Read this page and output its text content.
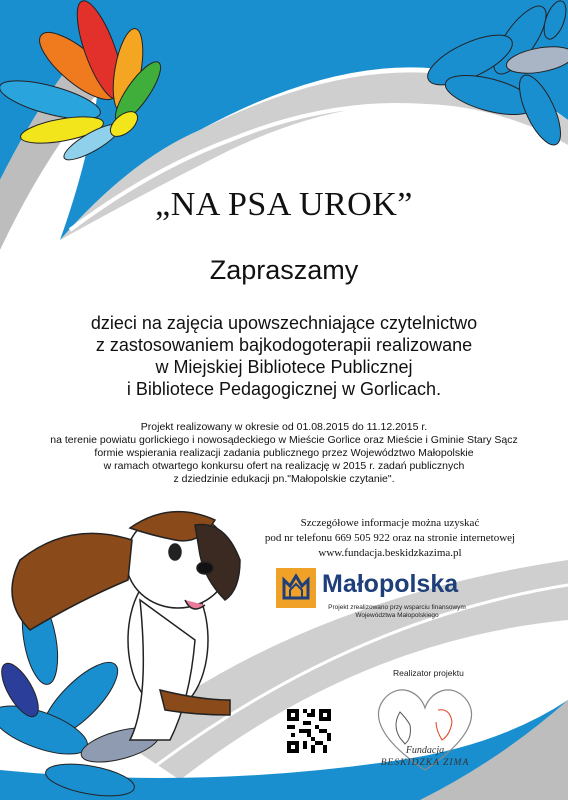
„NA PSA UROK”
Zapraszamy
dzieci na zajęcia upowszechniające czytelnictwo
z zastosowaniem bajkodogoterapii realizowane
w Miejskiej Bibliotece Publicznej
i Bibliotece Pedagogicznej w Gorlicach.
Projekt realizowany w okresie od 01.08.2015 do 11.12.2015 r.
na terenie powiatu gorlickiego i nowosądeckiego w Mieście Gorlice oraz Mieście i Gminie Stary Sącz
formie wspierania realizacji zadania publicznego przez Województwo Małopolskie
w ramach otwartego konkursu ofert na realizację w 2015 r. zadań publicznych
z dziedzinie edukacji pn."Małopolskie czytanie".
Szczegółowe informacje można uzyskać
pod nr telefonu 669 505 922 oraz na stronie internetowej
www.fundacja.beskidzkazima.pl
Małopolska
Projekt zrealizowano przy wsparciu finansowym
Województwa Małopolskiego
Realizator projektu
Fundacja
BESKIDZKA ZIMA
